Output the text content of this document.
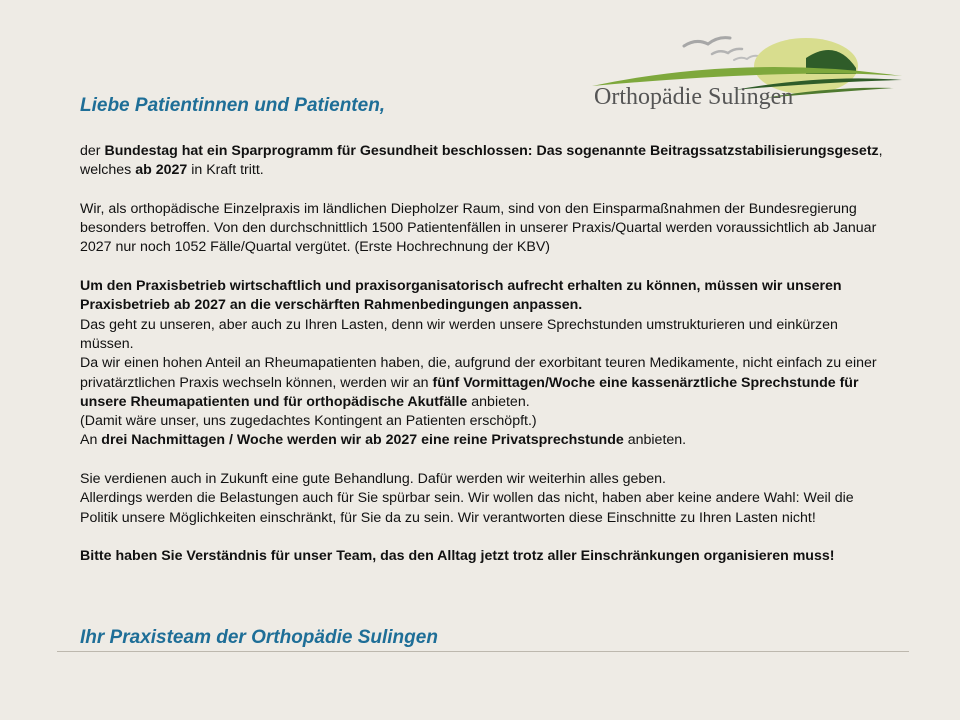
Orthopädie Sulingen
Liebe Patientinnen und Patienten,

der Bundestag hat ein Sparprogramm für Gesundheit beschlossen: Das sogenannte Beitragssatzstabilisierungsgesetz, welches ab 2027 in Kraft tritt.

Wir, als orthopädische Einzelpraxis im ländlichen Diepholzer Raum, sind von den Einsparmaßnahmen der Bundesregierung besonders betroffen. Von den durchschnittlich 1500 Patientenfällen in unserer Praxis/Quartal werden voraussichtlich ab Januar 2027 nur noch 1052 Fälle/Quartal vergütet. (Erste Hochrechnung der KBV)

Um den Praxisbetrieb wirtschaftlich und praxisorganisatorisch aufrecht erhalten zu können, müssen wir unseren Praxisbetrieb ab 2027 an die verschärften Rahmenbedingungen anpassen.
Das geht zu unseren, aber auch zu Ihren Lasten, denn wir werden unsere Sprechstunden umstrukturieren und einkürzen müssen.
Da wir einen hohen Anteil an Rheumapatienten haben, die, aufgrund der exorbitant teuren Medikamente, nicht einfach zu einer privatärztlichen Praxis wechseln können, werden wir an fünf Vormittagen/Woche eine kassenärztliche Sprechstunde für unsere Rheumapatienten und für orthopädische Akutfälle anbieten.
(Damit wäre unser, uns zugedachtes Kontingent an Patienten erschöpft.)
An drei Nachmittagen / Woche werden wir ab 2027 eine reine Privatsprechstunde anbieten.

Sie verdienen auch in Zukunft eine gute Behandlung. Dafür werden wir weiterhin alles geben.
Allerdings werden die Belastungen auch für Sie spürbar sein. Wir wollen das nicht, haben aber keine andere Wahl: Weil die Politik unsere Möglichkeiten einschränkt, für Sie da zu sein. Wir verantworten diese Einschnitte zu Ihren Lasten nicht!

Bitte haben Sie Verständnis für unser Team, das den Alltag jetzt trotz aller Einschränkungen organisieren muss!

Ihr Praxisteam der Orthopädie Sulingen
